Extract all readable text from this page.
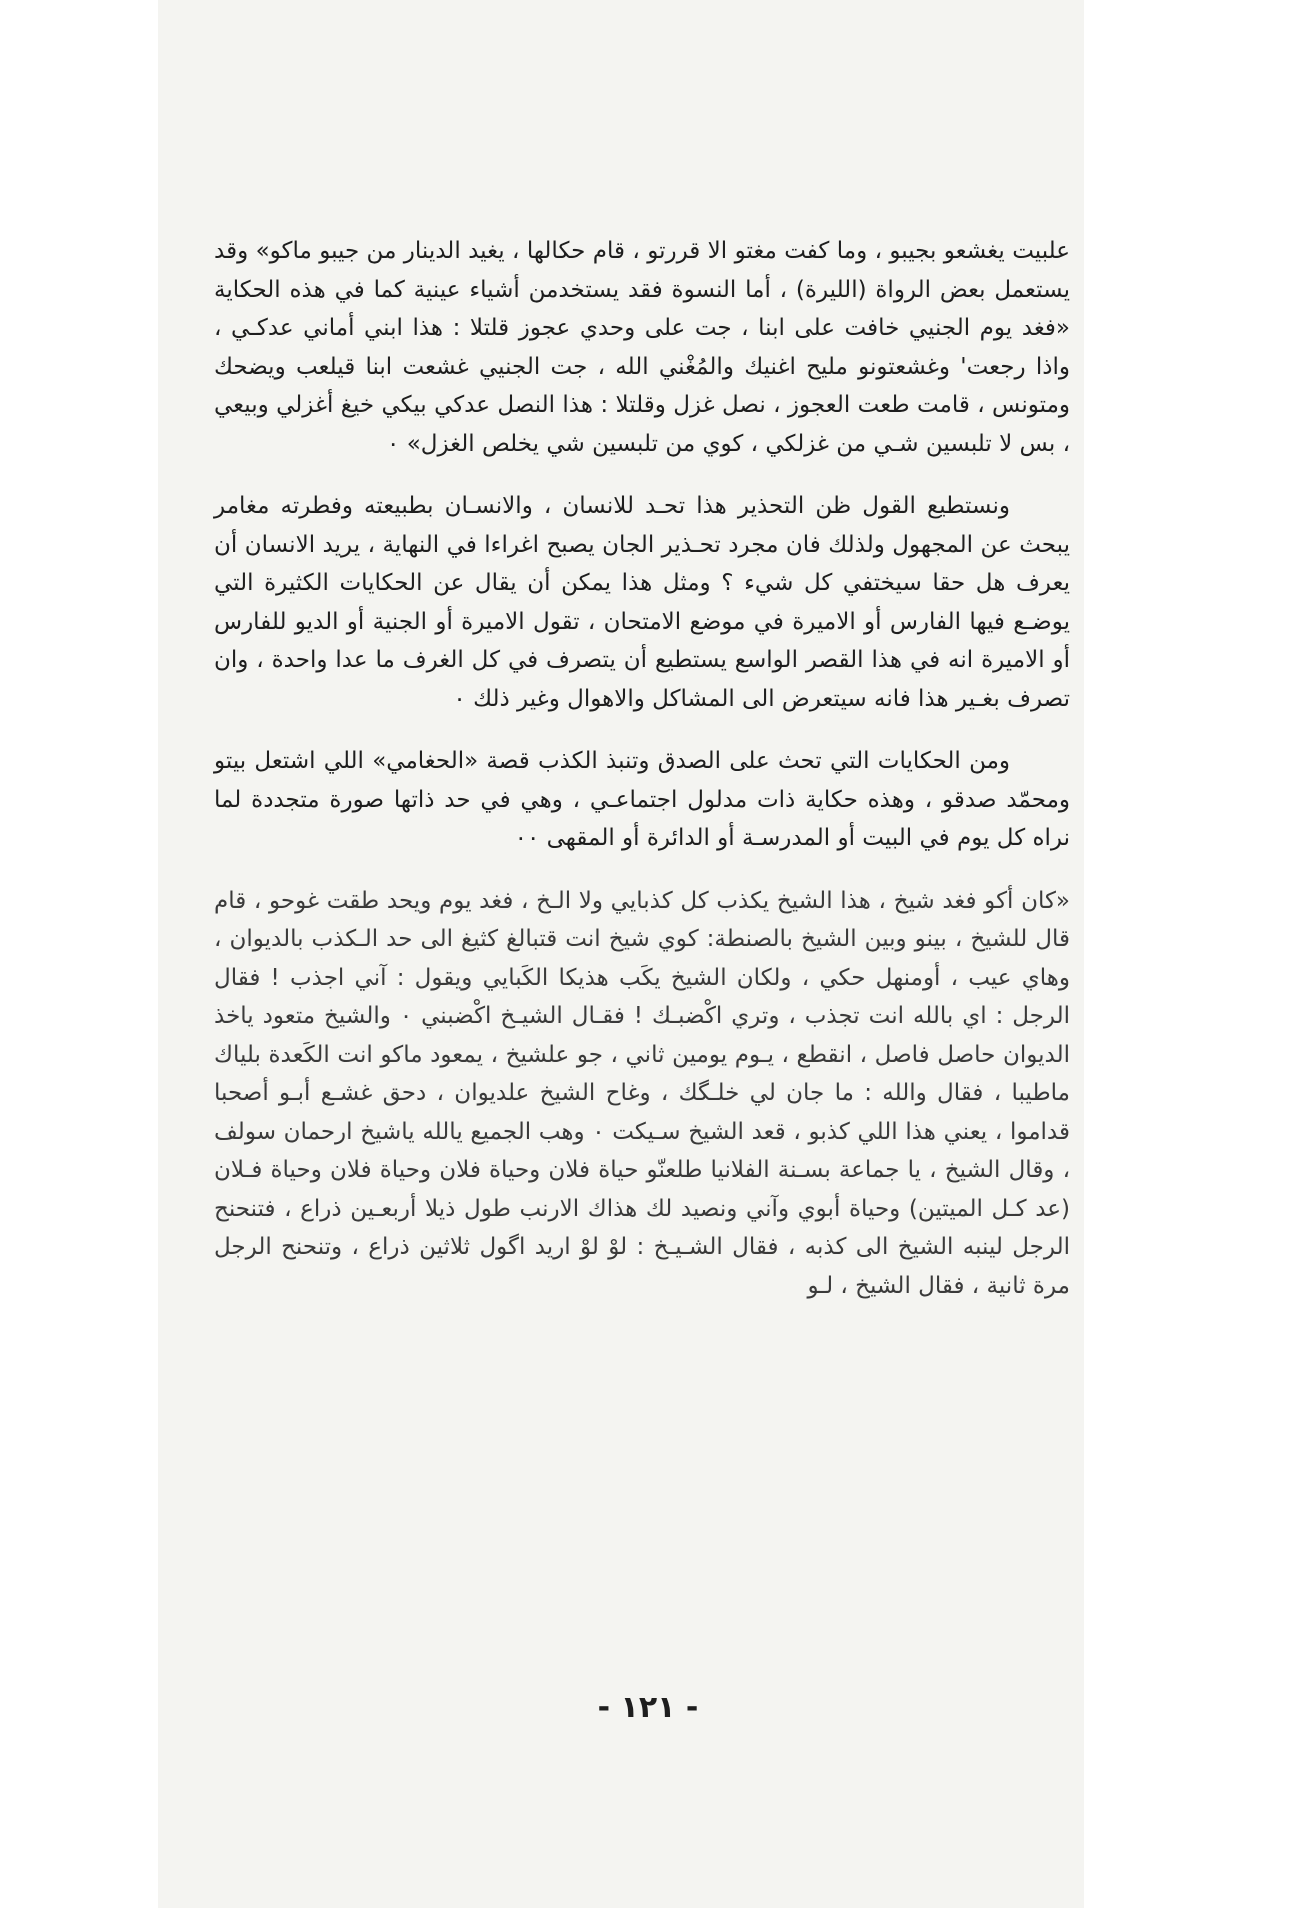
علبيت يغشعو بجيبو ، وما كفت مغتو الا قررتو ، قام حكالها ، يغيد الدينار من جيبو ماكو» وقد يستعمل بعض الرواة (الليرة) ، أما النسوة فقد يستخدمن أشياء عينية كما في هذه الحكاية «فغد يوم الجنيي خافت على ابنا ، جت على وحدي عجوز قلتلا : هذا ابني أماني عدكـي ، واذا رجعت' وغشعتونو مليح اغنيك والمُغْني الله ، جت الجنيي غشعت ابنا قيلعب ويضحك ومتونس ، قامت طعت العجوز ، نصل غزل وقلتلا : هذا النصل عدكي بيكي خيغ أغزلي وبيعي ، بس لا تلبسين شـي من غزلكي ، كوي من تلبسين شي يخلص الغزل» ٠

ونستطيع القول ظن التحذير هذا تحـد للانسان ، والانسـان بطبيعته وفطرته مغامر يبحث عن المجهول ولذلك فان مجرد تحـذير الجان يصبح اغراءا في النهاية ، يريد الانسان أن يعرف هل حقا سيختفي كل شيء ؟ ومثل هذا يمكن أن يقال عن الحكايات الكثيرة التي يوضـع فيها الفارس أو الاميرة في موضع الامتحان ، تقول الاميرة أو الجنية أو الديو للفارس أو الاميرة انه في هذا القصر الواسع يستطيع أن يتصرف في كل الغرف ما عدا واحدة ، وان تصرف بغـير هذا فانه سيتعرض الى المشاكل والاهوال وغير ذلك ٠

ومن الحكايات التي تحث على الصدق وتنبذ الكذب قصة «الحغامي» اللي اشتعل بيتو ومحمّد صدقو ، وهذه حكاية ذات مدلول اجتماعـي ، وهي في حد ذاتها صورة متجددة لما نراه كل يوم في البيت أو المدرسـة أو الدائرة أو المقهى ٠٠

«كان أكو فغد شيخ ، هذا الشيخ يكذب كل كذبايي ولا الـخ ، فغد يوم ويحد طقت غوحو ، قام قال للشيخ ، بينو وبين الشيخ بالصنطة: كوي شيخ انت قتبالغ كثيغ الى حد الـكذب بالديوان ، وهاي عيب ، أومنهل حكي ، ولكان الشيخ يكَب هذيكا الكَبايي ويقول : آني اجذب ! فقال الرجل : اي بالله انت تجذب ، وتري اكْضبـك ! فقـال الشيـخ اكْضبني ٠ والشيخ متعود ياخذ الديوان حاصل فاصل ، انقطع ، يـوم يومين ثاني ، جو علشيخ ، يمعود ماكو انت الكَعدة بلياك ماطيبا ، فقال والله : ما جان لي خلـگك ، وغاح الشيخ علديوان ، دحق غشـع أبـو أصحبا قداموا ، يعني هذا اللي كذبو ، قعد الشيخ سـيكت ٠ وهب الجميع يالله ياشيخ ارحمان سولف ، وقال الشيخ ، يا جماعة بسـنة الفلانيا طلعنّو حياة فلان وحياة فلان وحياة فلان وحياة فـلان (عد كـل الميتين) وحياة أبوي وآني ونصيد لك هذاك الارنب طول ذيلا أربعـين ذراع ، فتنحنح الرجل لينبه الشيخ الى كذبه ، فقال الشـيـخ : لوْ لوْ اريد اگول ثلاثين ذراع ، وتنحنح الرجل مرة ثانية ، فقال الشيخ ، لـو

- ١٢١ -
